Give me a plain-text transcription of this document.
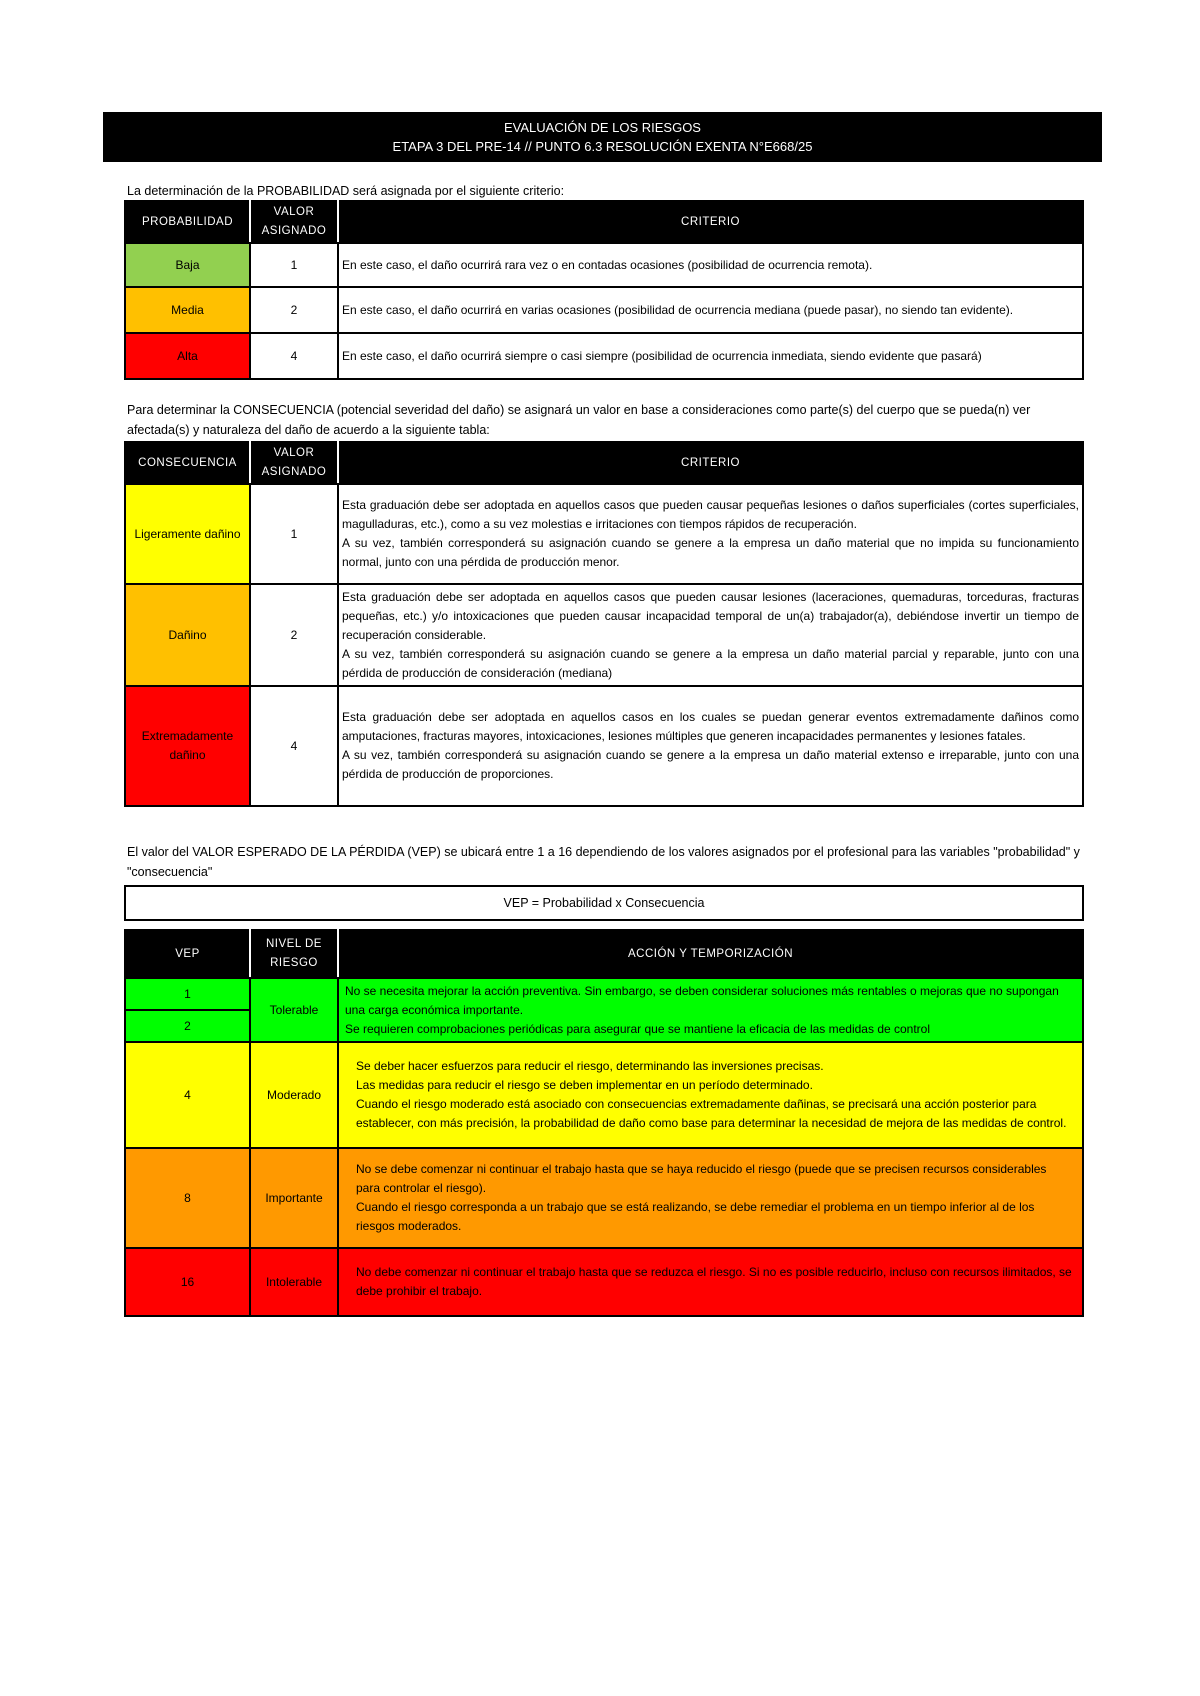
EVALUACIÓN DE LOS RIESGOS
ETAPA 3 DEL PRE-14 // PUNTO 6.3 RESOLUCIÓN EXENTA N°E668/25
La determinación de la PROBABILIDAD será asignada por el siguiente criterio:
PROBABILIDAD	VALOR ASIGNADO	CRITERIO
Baja	1	En este caso, el daño ocurrirá rara vez o en contadas ocasiones (posibilidad de ocurrencia remota).
Media	2	En este caso, el daño ocurrirá en varias ocasiones (posibilidad de ocurrencia mediana (puede pasar), no siendo tan evidente).
Alta	4	En este caso, el daño ocurrirá siempre o casi siempre (posibilidad de ocurrencia inmediata, siendo evidente que pasará)
Para determinar la CONSECUENCIA (potencial severidad del daño) se asignará un valor en base a consideraciones como parte(s) del cuerpo que se pueda(n) ver afectada(s) y naturaleza del daño de acuerdo a la siguiente tabla:
CONSECUENCIA	VALOR ASIGNADO	CRITERIO
Ligeramente dañino	1	Esta graduación debe ser adoptada en aquellos casos que pueden causar pequeñas lesiones o daños superficiales (cortes superficiales, magulladuras, etc.), como a su vez molestias e irritaciones con tiempos rápidos de recuperación.
A su vez, también corresponderá su asignación cuando se genere a la empresa un daño material que no impida su funcionamiento normal, junto con una pérdida de producción menor.

Dañino	2	Esta graduación debe ser adoptada en aquellos casos que pueden causar lesiones (laceraciones, quemaduras, torceduras, fracturas pequeñas, etc.) y/o intoxicaciones que pueden causar incapacidad temporal de un(a) trabajador(a), debiéndose invertir un tiempo de recuperación considerable.
A su vez, también corresponderá su asignación cuando se genere a la empresa un daño material parcial y reparable, junto con una pérdida de producción de consideración (mediana)

Extremadamente dañino	4	Esta graduación debe ser adoptada en aquellos casos en los cuales se puedan generar eventos extremadamente dañinos como amputaciones, fracturas mayores, intoxicaciones, lesiones múltiples que generen incapacidades permanentes y lesiones fatales.
A su vez, también corresponderá su asignación cuando se genere a la empresa un daño material extenso e irreparable, junto con una pérdida de producción de proporciones.
El valor del VALOR ESPERADO DE LA PÉRDIDA (VEP) se ubicará entre 1 a 16 dependiendo de los valores asignados por el profesional para las variables "probabilidad" y "consecuencia"
VEP = Probabilidad x Consecuencia
VEP	NIVEL DE RIESGO	ACCIÓN Y TEMPORIZACIÓN
1	Tolerable	No se necesita mejorar la acción preventiva. Sin embargo, se deben considerar soluciones más rentables o mejoras que no supongan una carga económica importante.
Se requieren comprobaciones periódicas para asegurar que se mantiene la eficacia de las medidas de control

2		
4	Moderado	Se deber hacer esfuerzos para reducir el riesgo, determinando las inversiones precisas.
Las medidas para reducir el riesgo se deben implementar en un período determinado.
Cuando el riesgo moderado está asociado con consecuencias extremadamente dañinas, se precisará una acción posterior para establecer, con más precisión, la probabilidad de daño como base para determinar la necesidad de mejora de las medidas de control.

8	Importante	No se debe comenzar ni continuar el trabajo hasta que se haya reducido el riesgo (puede que se precisen recursos considerables para controlar el riesgo).
Cuando el riesgo corresponda a un trabajo que se está realizando, se debe remediar el problema en un tiempo inferior al de los riesgos moderados.

16	Intolerable	No debe comenzar ni continuar el trabajo hasta que se reduzca el riesgo. Si no es posible reducirlo, incluso con recursos ilimitados, se debe prohibir el trabajo.
